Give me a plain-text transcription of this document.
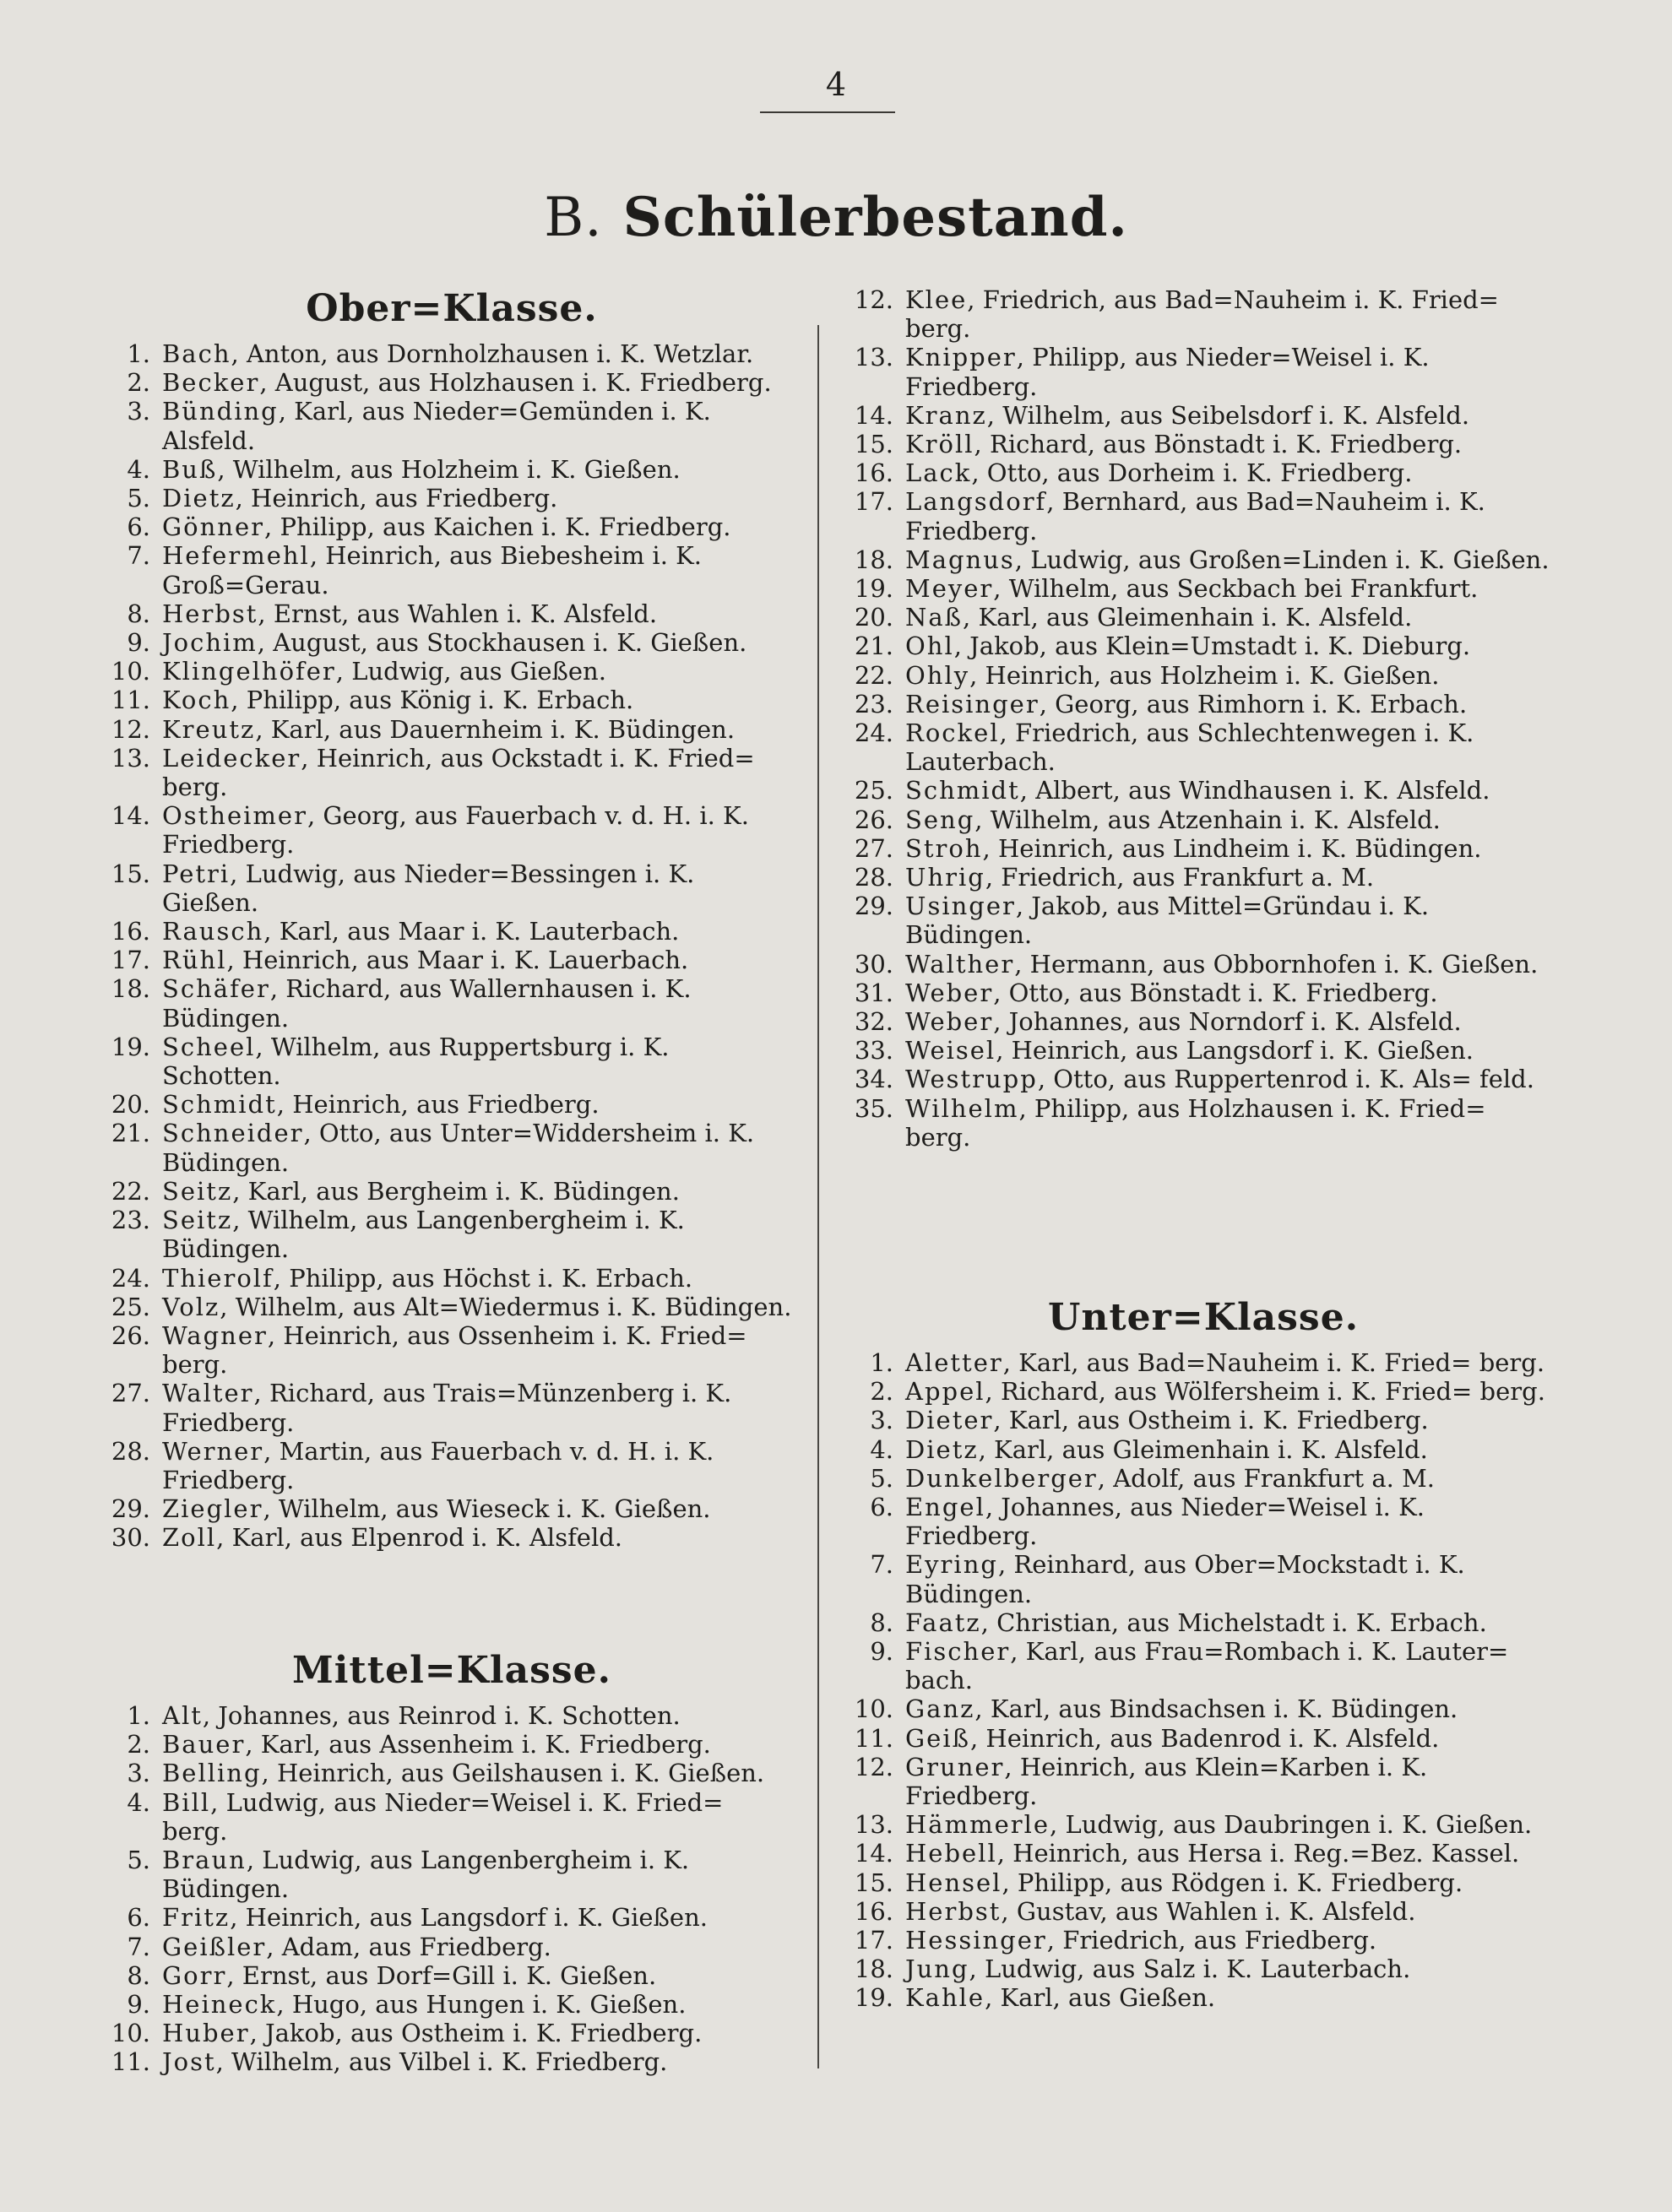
4
B. Schülerbestand.
Ober=Klasse.
1. Bach, Anton, aus Dornholzhausen i. K. Wetzlar.
2. Becker, August, aus Holzhausen i. K. Friedberg.
3. Bünding, Karl, aus Nieder=Gemünden i. K. Alsfeld.
4. Buß, Wilhelm, aus Holzheim i. K. Gießen.
5. Dietz, Heinrich, aus Friedberg.
6. Gönner, Philipp, aus Kaichen i. K. Friedberg.
7. Hefermehl, Heinrich, aus Biebesheim i. K. Groß=Gerau.
8. Herbst, Ernst, aus Wahlen i. K. Alsfeld.
9. Jochim, August, aus Stockhausen i. K. Gießen.
10. Klingelhöfer, Ludwig, aus Gießen.
11. Koch, Philipp, aus König i. K. Erbach.
12. Kreutz, Karl, aus Dauernheim i. K. Büdingen.
13. Leidecker, Heinrich, aus Ockstadt i. K. Fried= berg.
14. Ostheimer, Georg, aus Fauerbach v. d. H. i. K. Friedberg.
15. Petri, Ludwig, aus Nieder=Bessingen i. K. Gießen.
16. Rausch, Karl, aus Maar i. K. Lauterbach.
17. Rühl, Heinrich, aus Maar i. K. Lauerbach.
18. Schäfer, Richard, aus Wallernhausen i. K. Büdingen.
19. Scheel, Wilhelm, aus Ruppertsburg i. K. Schotten.
20. Schmidt, Heinrich, aus Friedberg.
21. Schneider, Otto, aus Unter=Widdersheim i. K. Büdingen.
22. Seitz, Karl, aus Bergheim i. K. Büdingen.
23. Seitz, Wilhelm, aus Langenbergheim i. K. Büdingen.
24. Thierolf, Philipp, aus Höchst i. K. Erbach.
25. Volz, Wilhelm, aus Alt=Wiedermus i. K. Büdingen.
26. Wagner, Heinrich, aus Ossenheim i. K. Fried= berg.
27. Walter, Richard, aus Trais=Münzenberg i. K. Friedberg.
28. Werner, Martin, aus Fauerbach v. d. H. i. K. Friedberg.
29. Ziegler, Wilhelm, aus Wieseck i. K. Gießen.
30. Zoll, Karl, aus Elpenrod i. K. Alsfeld.
Mittel=Klasse.
1. Alt, Johannes, aus Reinrod i. K. Schotten.
2. Bauer, Karl, aus Assenheim i. K. Friedberg.
3. Belling, Heinrich, aus Geilshausen i. K. Gießen.
4. Bill, Ludwig, aus Nieder=Weisel i. K. Fried= berg.
5. Braun, Ludwig, aus Langenbergheim i. K. Büdingen.
6. Fritz, Heinrich, aus Langsdorf i. K. Gießen.
7. Geißler, Adam, aus Friedberg.
8. Gorr, Ernst, aus Dorf=Gill i. K. Gießen.
9. Heineck, Hugo, aus Hungen i. K. Gießen.
10. Huber, Jakob, aus Ostheim i. K. Friedberg.
11. Jost, Wilhelm, aus Vilbel i. K. Friedberg.
12. Klee, Friedrich, aus Bad=Nauheim i. K. Fried= berg.
13. Knipper, Philipp, aus Nieder=Weisel i. K. Friedberg.
14. Kranz, Wilhelm, aus Seibelsdorf i. K. Alsfeld.
15. Kröll, Richard, aus Bönstadt i. K. Friedberg.
16. Lack, Otto, aus Dorheim i. K. Friedberg.
17. Langsdorf, Bernhard, aus Bad=Nauheim i. K. Friedberg.
18. Magnus, Ludwig, aus Großen=Linden i. K. Gießen.
19. Meyer, Wilhelm, aus Seckbach bei Frankfurt.
20. Naß, Karl, aus Gleimenhain i. K. Alsfeld.
21. Ohl, Jakob, aus Klein=Umstadt i. K. Dieburg.
22. Ohly, Heinrich, aus Holzheim i. K. Gießen.
23. Reisinger, Georg, aus Rimhorn i. K. Erbach.
24. Rockel, Friedrich, aus Schlechtenwegen i. K. Lauterbach.
25. Schmidt, Albert, aus Windhausen i. K. Alsfeld.
26. Seng, Wilhelm, aus Atzenhain i. K. Alsfeld.
27. Stroh, Heinrich, aus Lindheim i. K. Büdingen.
28. Uhrig, Friedrich, aus Frankfurt a. M.
29. Usinger, Jakob, aus Mittel=Gründau i. K. Büdingen.
30. Walther, Hermann, aus Obbornhofen i. K. Gießen.
31. Weber, Otto, aus Bönstadt i. K. Friedberg.
32. Weber, Johannes, aus Norndorf i. K. Alsfeld.
33. Weisel, Heinrich, aus Langsdorf i. K. Gießen.
34. Westrupp, Otto, aus Ruppertenrod i. K. Als= feld.
35. Wilhelm, Philipp, aus Holzhausen i. K. Fried= berg.
Unter=Klasse.
1. Aletter, Karl, aus Bad=Nauheim i. K. Fried= berg.
2. Appel, Richard, aus Wölfersheim i. K. Fried= berg.
3. Dieter, Karl, aus Ostheim i. K. Friedberg.
4. Dietz, Karl, aus Gleimenhain i. K. Alsfeld.
5. Dunkelberger, Adolf, aus Frankfurt a. M.
6. Engel, Johannes, aus Nieder=Weisel i. K. Friedberg.
7. Eyring, Reinhard, aus Ober=Mockstadt i. K. Büdingen.
8. Faatz, Christian, aus Michelstadt i. K. Erbach.
9. Fischer, Karl, aus Frau=Rombach i. K. Lauter= bach.
10. Ganz, Karl, aus Bindsachsen i. K. Büdingen.
11. Geiß, Heinrich, aus Badenrod i. K. Alsfeld.
12. Gruner, Heinrich, aus Klein=Karben i. K. Friedberg.
13. Hämmerle, Ludwig, aus Daubringen i. K. Gießen.
14. Hebell, Heinrich, aus Hersa i. Reg.=Bez. Kassel.
15. Hensel, Philipp, aus Rödgen i. K. Friedberg.
16. Herbst, Gustav, aus Wahlen i. K. Alsfeld.
17. Hessinger, Friedrich, aus Friedberg.
18. Jung, Ludwig, aus Salz i. K. Lauterbach.
19. Kahle, Karl, aus Gießen.
